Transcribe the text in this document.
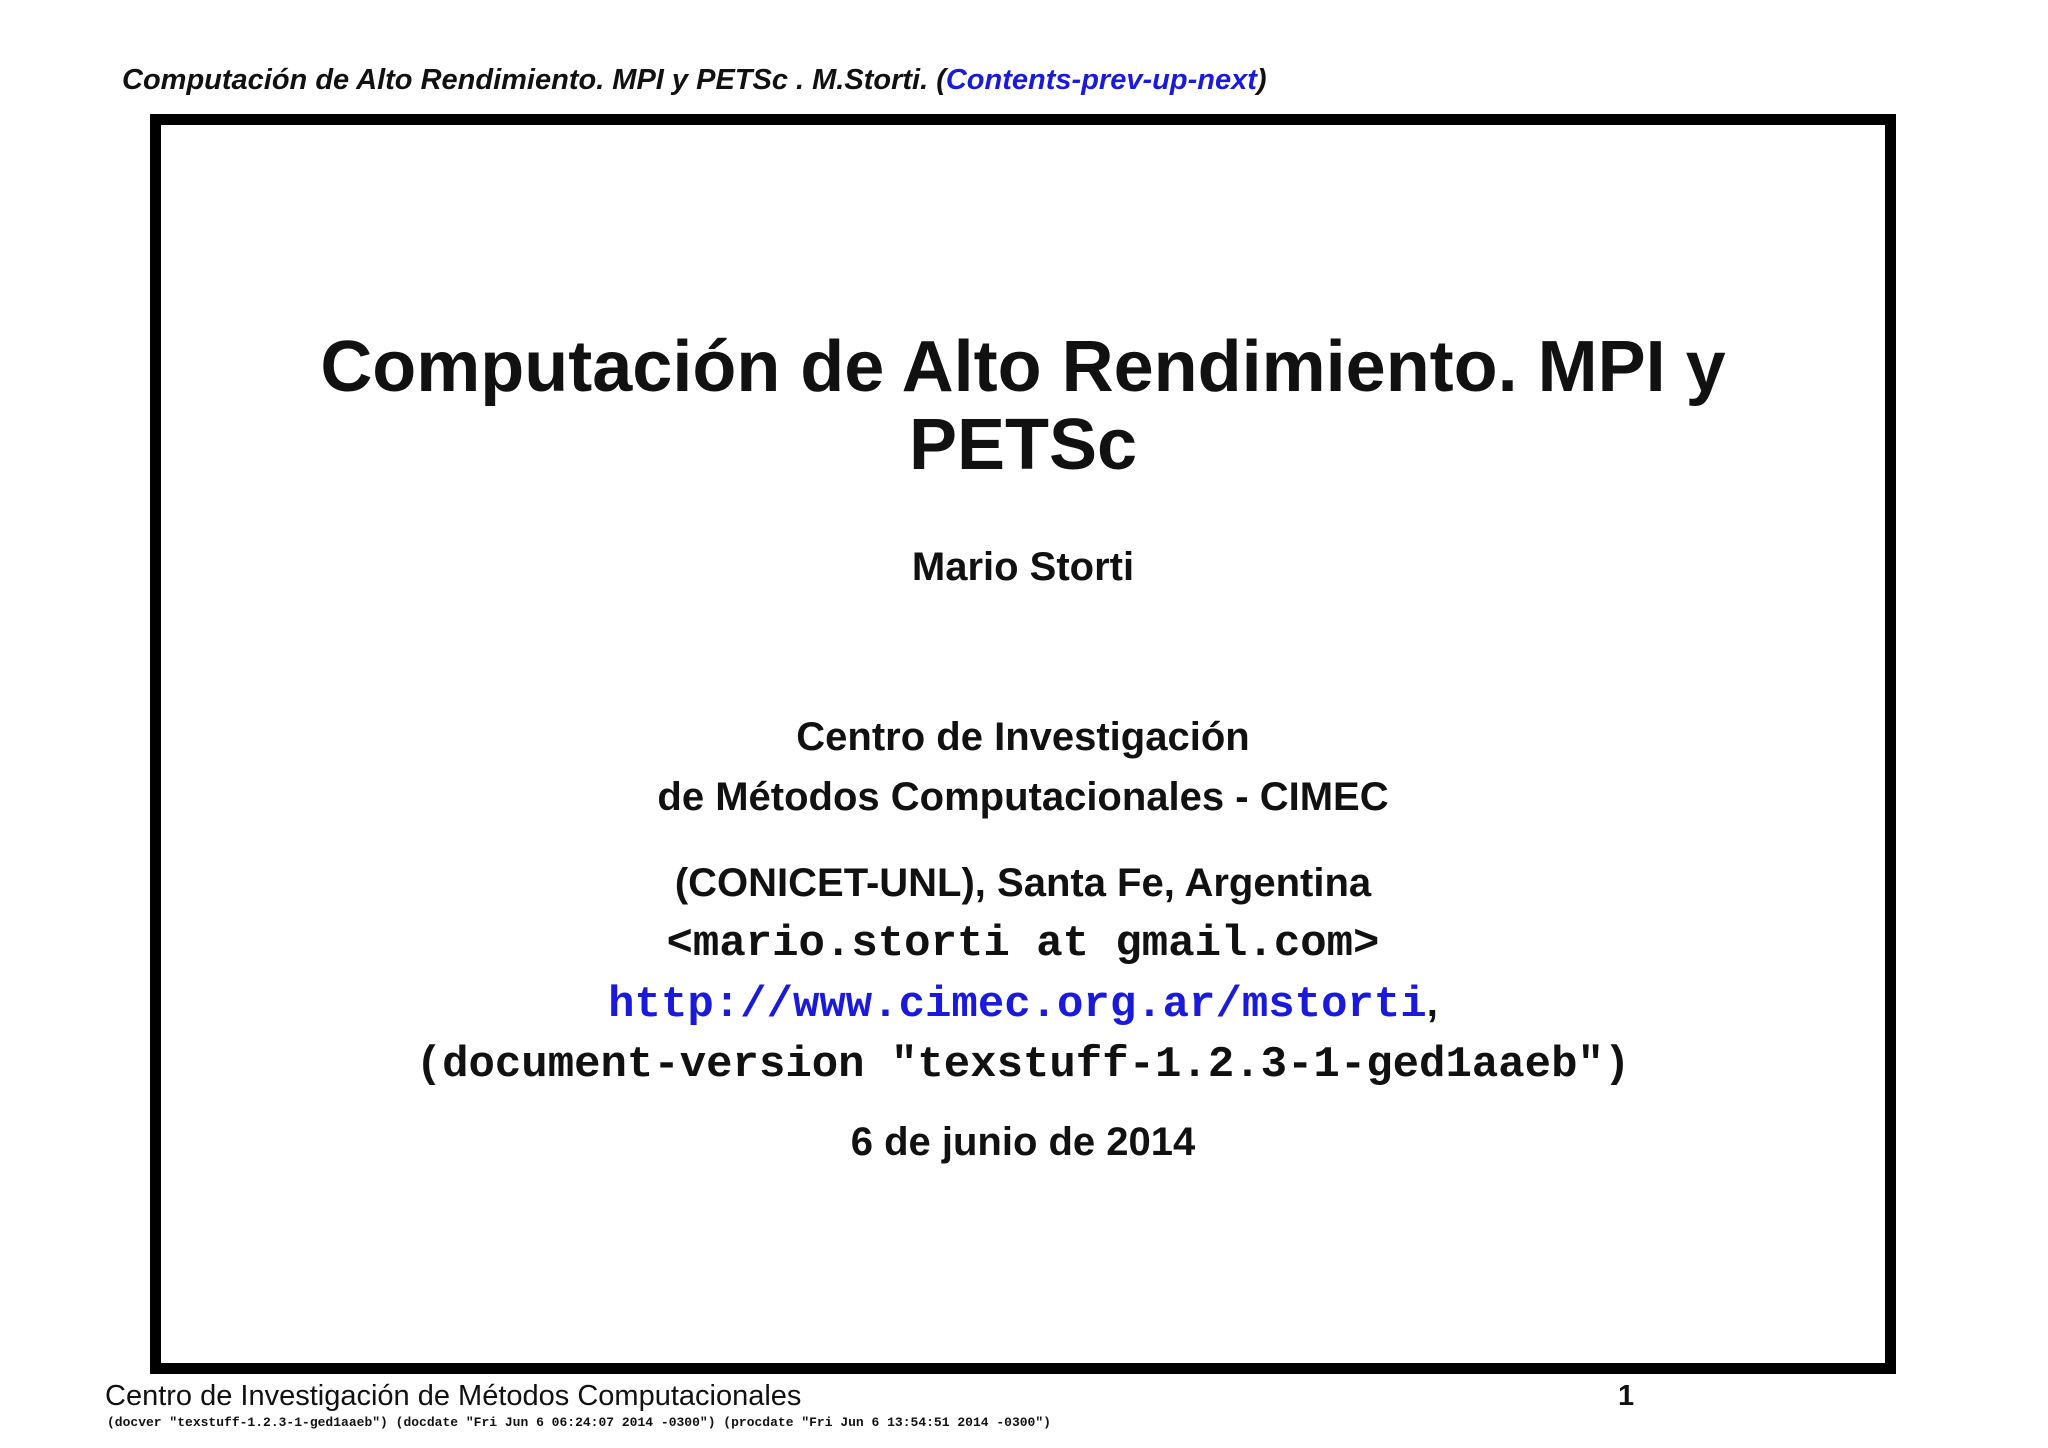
Computación de Alto Rendimiento. MPI y PETSc . M.Storti. (Contents-prev-up-next)
Computación de Alto Rendimiento. MPI y
PETSc
Mario Storti
Centro de Investigación
de Métodos Computacionales - CIMEC
(CONICET-UNL), Santa Fe, Argentina
<mario.storti at gmail.com>
http://www.cimec.org.ar/mstorti,
(document-version "texstuff-1.2.3-1-ged1aaeb")
6 de junio de 2014
Centro de Investigación de Métodos Computacionales	1
(docver "texstuff-1.2.3-1-ged1aaeb") (docdate "Fri Jun 6 06:24:07 2014 -0300") (procdate "Fri Jun 6 13:54:51 2014 -0300")
